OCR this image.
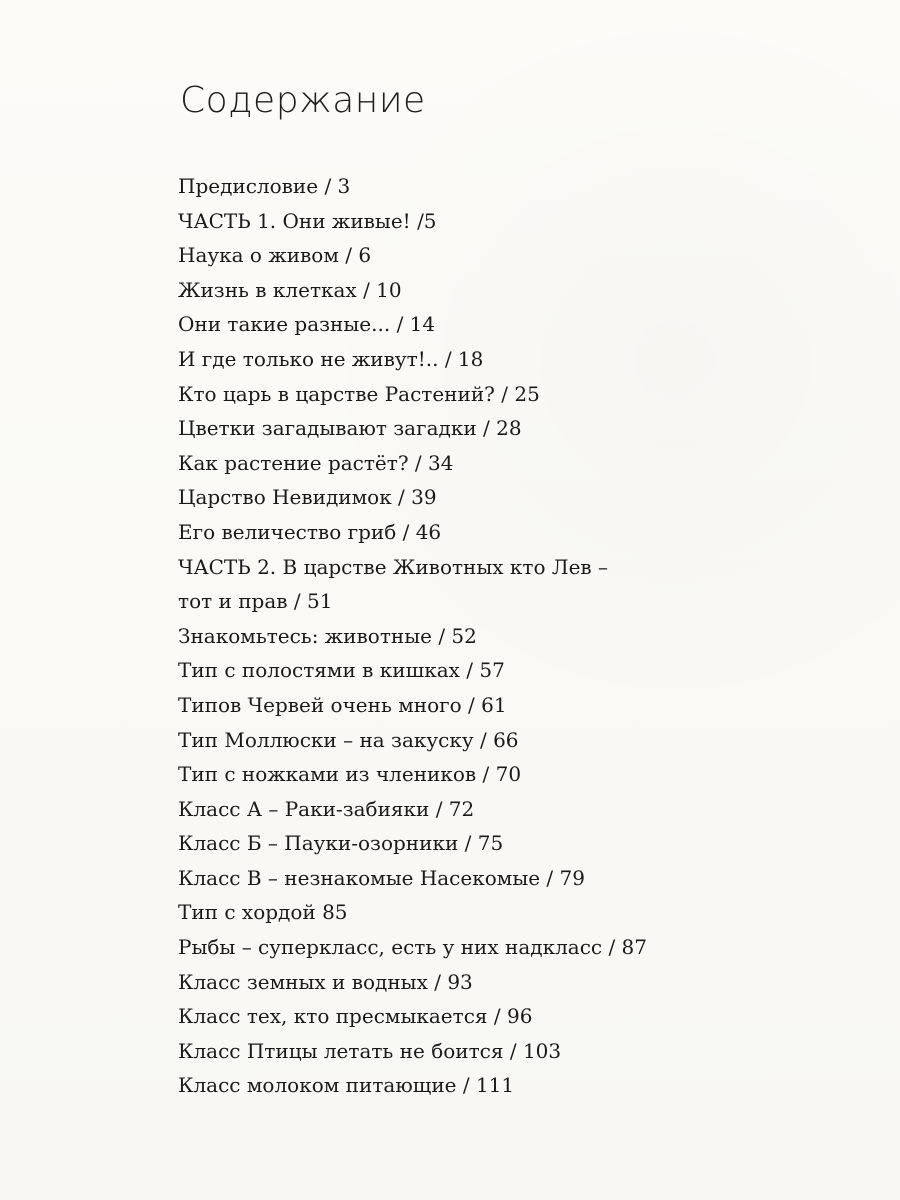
Содержание
Предисловие / 3
ЧАСТЬ 1. Они живые! /5
Наука о живом / 6
Жизнь в клетках / 10
Они такие разные... / 14
И где только не живут!.. / 18
Кто царь в царстве Растений? / 25
Цветки загадывают загадки / 28
Как растение растёт? / 34
Царство Невидимок / 39
Его величество гриб / 46
ЧАСТЬ 2. В царстве Животных кто Лев –
тот и прав / 51
Знакомьтесь: животные / 52
Тип с полостями в кишках / 57
Типов Червей очень много / 61
Тип Моллюски – на закуску / 66
Тип с ножками из члеников / 70
Класс А – Раки-забияки / 72
Класс Б – Пауки-озорники / 75
Класс В – незнакомые Насекомые / 79
Тип с хордой 85
Рыбы – суперкласс, есть у них надкласс / 87
Класс земных и водных / 93
Класс тех, кто пресмыкается / 96
Класс Птицы летать не боится / 103
Класс молоком питающие / 111
